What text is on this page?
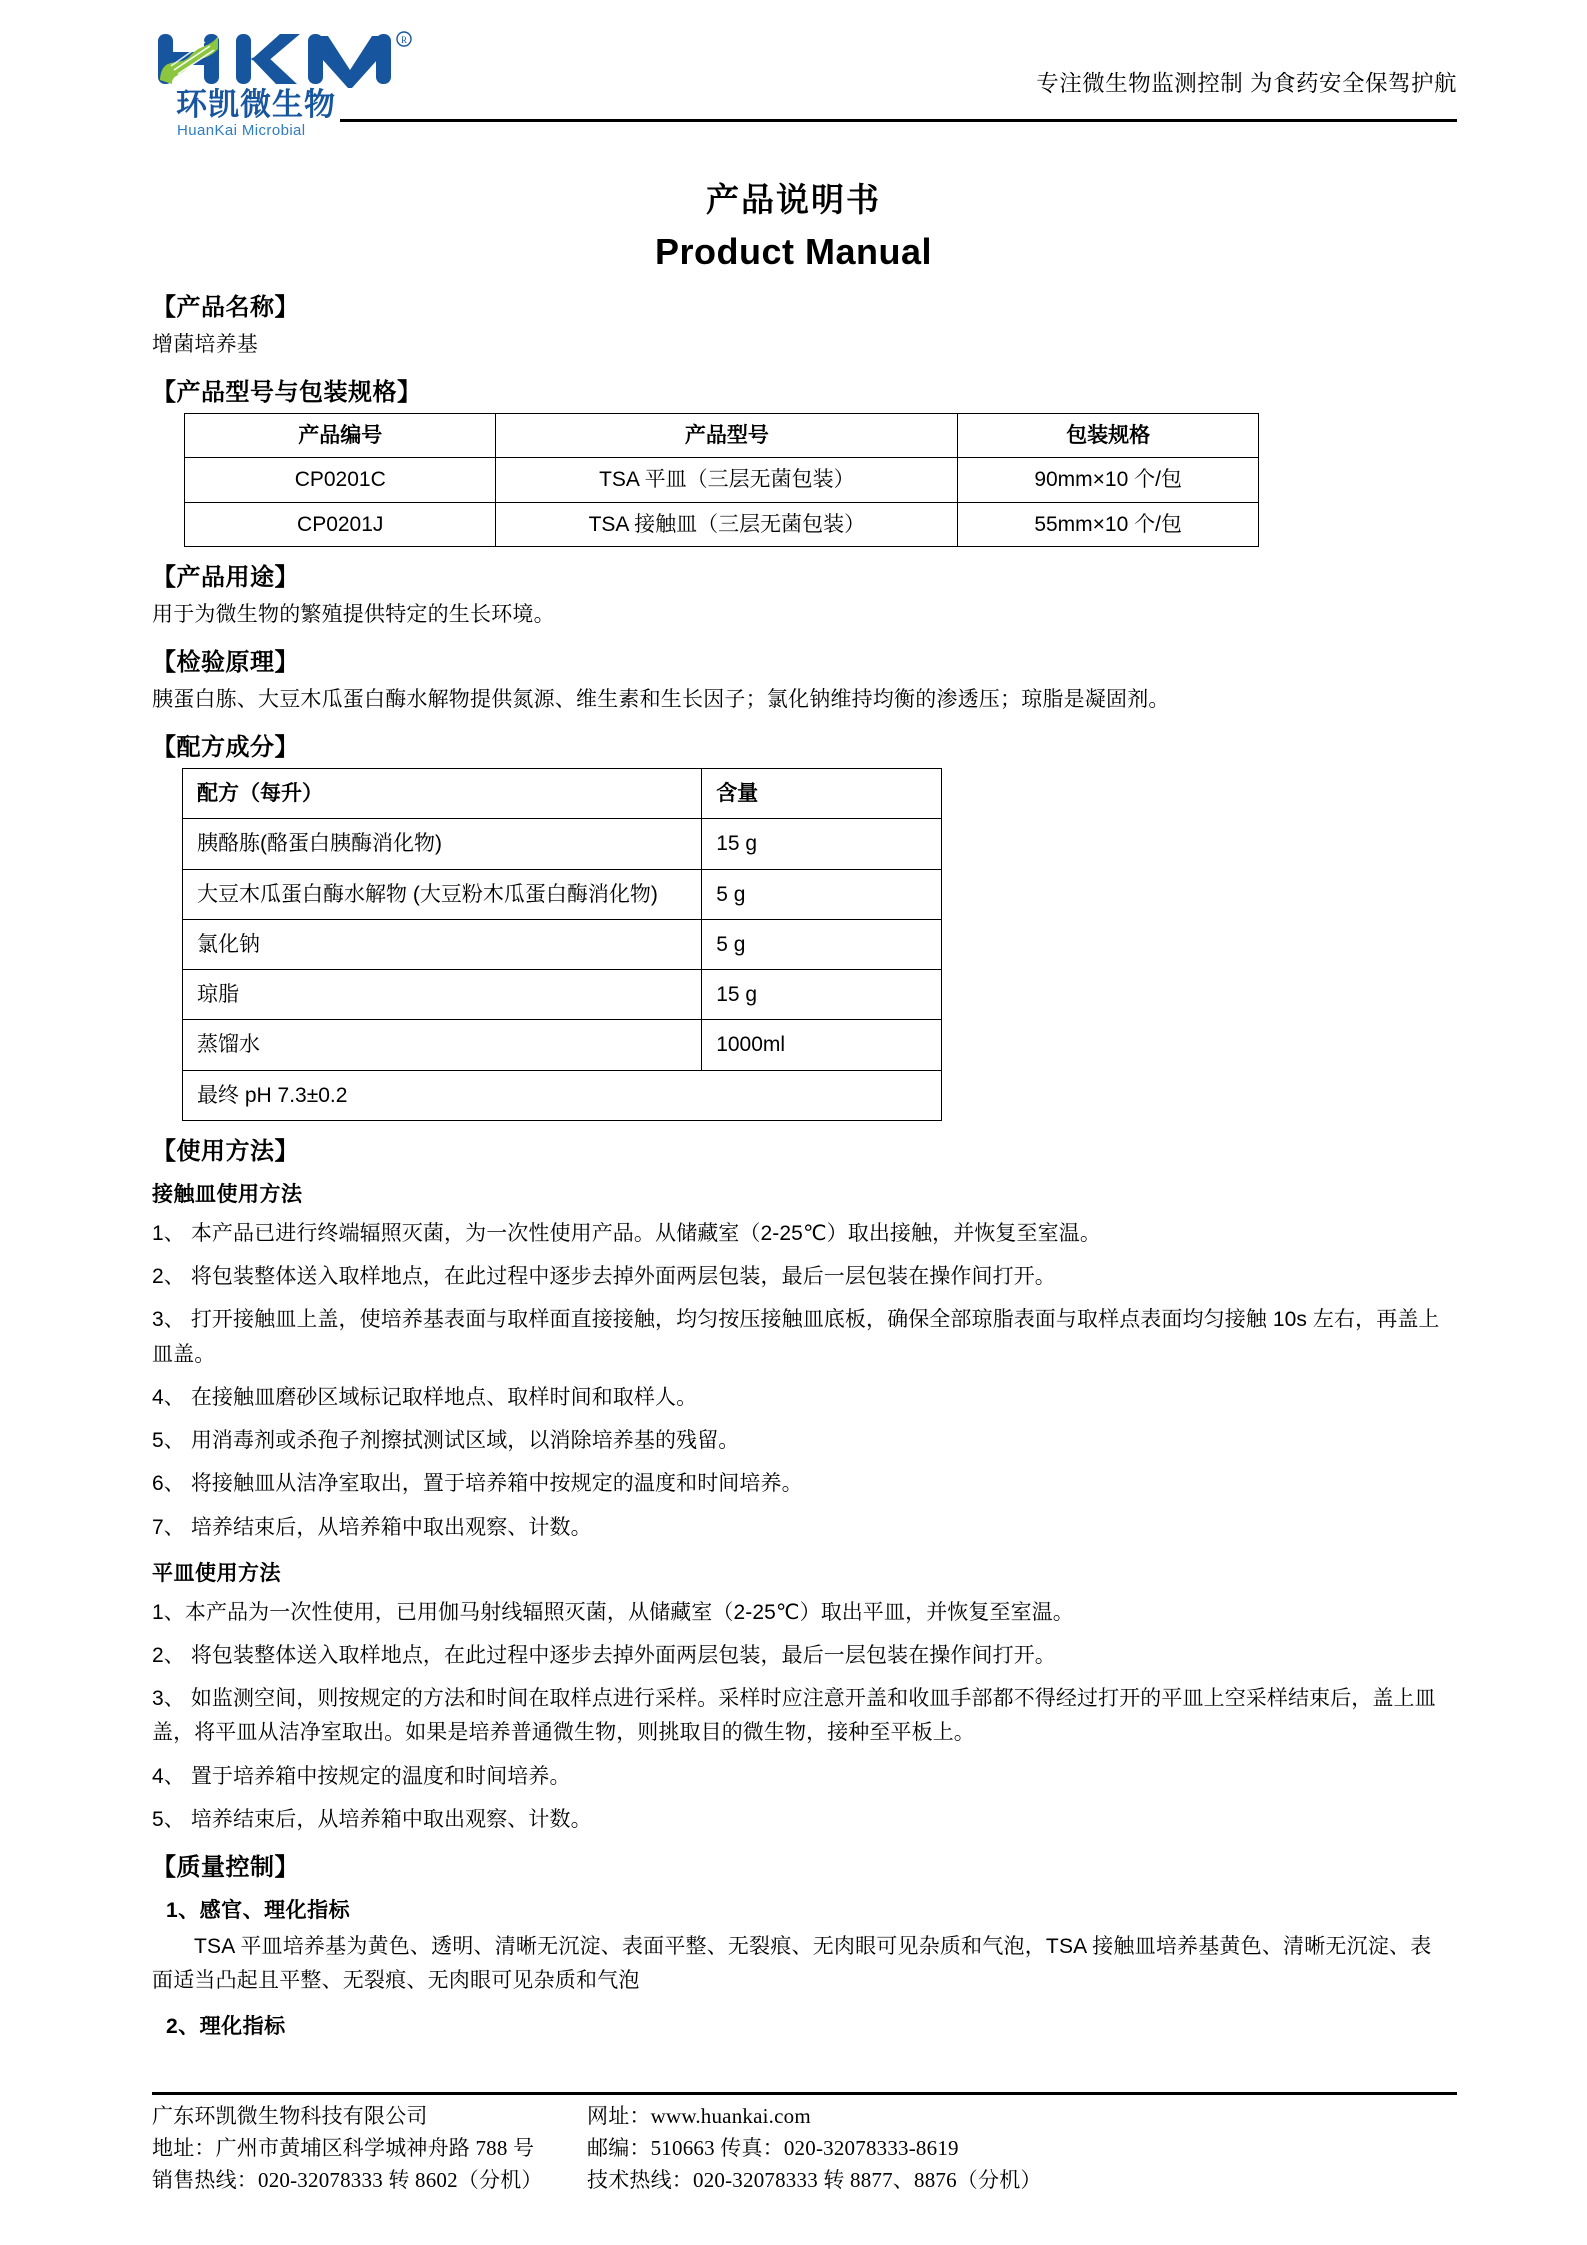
R
环凯微生物
HuanKai Microbial
专注微生物监测控制 为食药安全保驾护航
产品说明书
Product Manual
【产品名称】
增菌培养基
【产品型号与包装规格】
产品编号	产品型号	包装规格
CP0201C	TSA 平皿（三层无菌包装）	90mm×10 个/包
CP0201J	TSA 接触皿（三层无菌包装）	55mm×10 个/包
【产品用途】
用于为微生物的繁殖提供特定的生长环境。
【检验原理】
胰蛋白胨、大豆木瓜蛋白酶水解物提供氮源、维生素和生长因子；氯化钠维持均衡的渗透压；琼脂是凝固剂。
【配方成分】
配方（每升）	含量
胰酪胨(酪蛋白胰酶消化物)	15 g
大豆木瓜蛋白酶水解物 (大豆粉木瓜蛋白酶消化物)	5 g
氯化钠	5 g
琼脂	15 g
蒸馏水	1000ml
最终 pH 7.3±0.2	
【使用方法】
接触皿使用方法
1、 本产品已进行终端辐照灭菌，为一次性使用产品。从储藏室（2-25℃）取出接触，并恢复至室温。
2、 将包装整体送入取样地点，在此过程中逐步去掉外面两层包装，最后一层包装在操作间打开。
3、 打开接触皿上盖，使培养基表面与取样面直接接触，均匀按压接触皿底板，确保全部琼脂表面与取样点表面均匀接触 10s 左右，再盖上皿盖。
4、 在接触皿磨砂区域标记取样地点、取样时间和取样人。
5、 用消毒剂或杀孢子剂擦拭测试区域，以消除培养基的残留。
6、 将接触皿从洁净室取出，置于培养箱中按规定的温度和时间培养。
7、 培养结束后，从培养箱中取出观察、计数。
平皿使用方法
1、本产品为一次性使用，已用伽马射线辐照灭菌，从储藏室（2-25℃）取出平皿，并恢复至室温。
2、 将包装整体送入取样地点，在此过程中逐步去掉外面两层包装，最后一层包装在操作间打开。
3、 如监测空间，则按规定的方法和时间在取样点进行采样。采样时应注意开盖和收皿手部都不得经过打开的平皿上空采样结束后，盖上皿盖，将平皿从洁净室取出。如果是培养普通微生物，则挑取目的微生物，接种至平板上。
4、 置于培养箱中按规定的温度和时间培养。
5、 培养结束后，从培养箱中取出观察、计数。
【质量控制】
1、感官、理化指标
TSA 平皿培养基为黄色、透明、清晰无沉淀、表面平整、无裂痕、无肉眼可见杂质和气泡，TSA 接触皿培养基黄色、清晰无沉淀、表面适当凸起且平整、无裂痕、无肉眼可见杂质和气泡
2、理化指标
广东环凯微生物科技有限公司
地址：广州市黄埔区科学城神舟路 788 号
销售热线：020-32078333 转 8602（分机）
网址：www.huankai.com
邮编：510663 传真：020-32078333-8619
技术热线：020-32078333 转 8877、8876（分机）
